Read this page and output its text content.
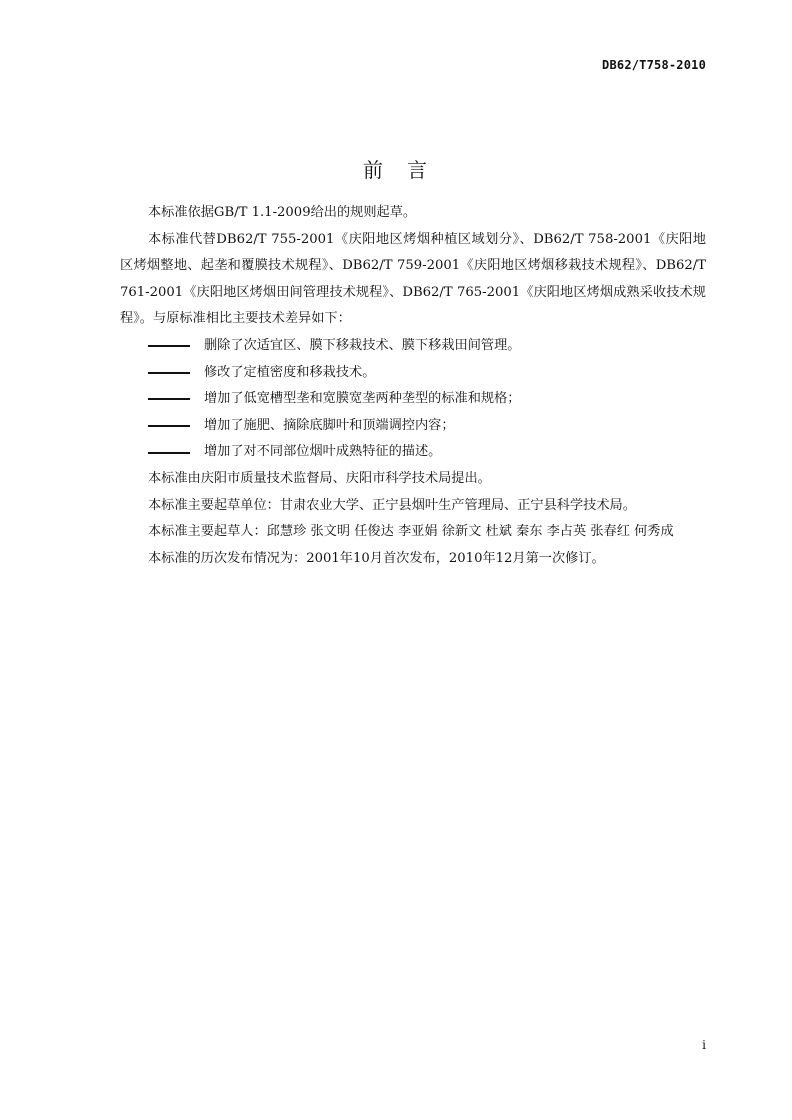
DB62/T758-2010
前 言

本标准依据GB/T 1.1-2009给出的规则起草。

本标准代替DB62/T 755-2001《庆阳地区烤烟种植区域划分》、DB62/T 758-2001《庆阳地区烤烟整地、起垄和覆膜技术规程》、DB62/T 759-2001《庆阳地区烤烟移栽技术规程》、DB62/T 761-2001《庆阳地区烤烟田间管理技术规程》、DB62/T 765-2001《庆阳地区烤烟成熟采收技术规程》。与原标准相比主要技术差异如下：

删除了次适宜区、膜下移栽技术、膜下移栽田间管理。
修改了定植密度和移栽技术。
增加了低宽槽型垄和宽膜宽垄两种垄型的标准和规格；
增加了施肥、摘除底脚叶和顶端调控内容；
增加了对不同部位烟叶成熟特征的描述。

本标准由庆阳市质量技术监督局、庆阳市科学技术局提出。

本标准主要起草单位：甘肃农业大学、正宁县烟叶生产管理局、正宁县科学技术局。

本标准主要起草人：邱慧珍 张文明 任俊达 李亚娟 徐新文 杜斌 秦东 李占英 张春红 何秀成

本标准的历次发布情况为：2001年10月首次发布，2010年12月第一次修订。

i
